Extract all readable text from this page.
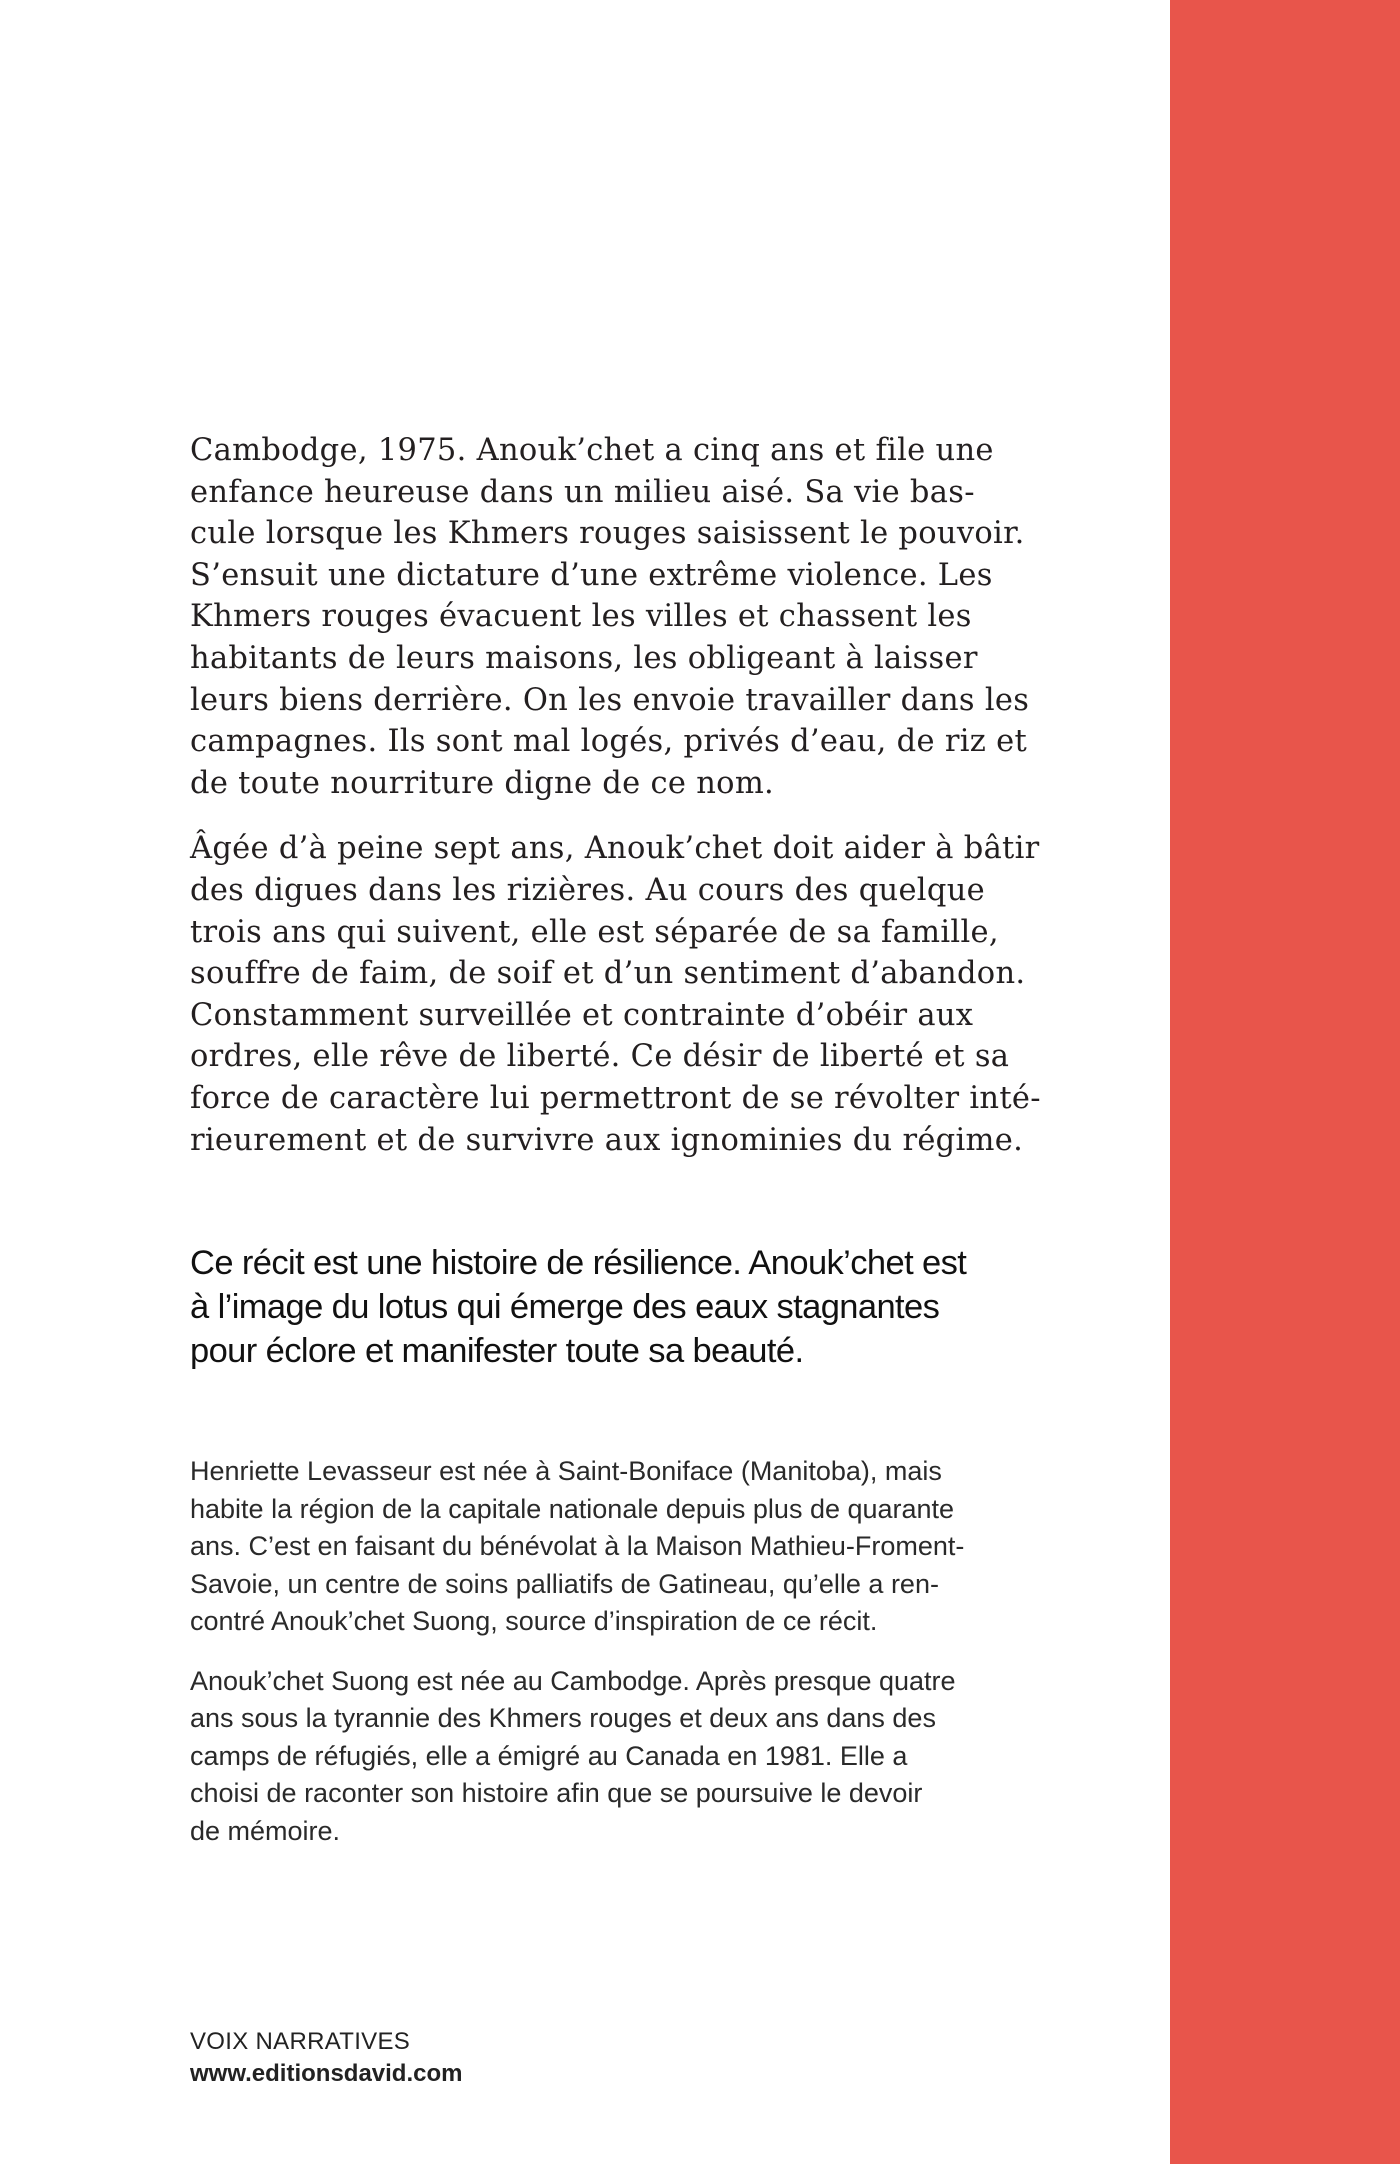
Cambodge, 1975. Anouk’chet a cinq ans et file une
enfance heureuse dans un milieu aisé. Sa vie bas-
cule lorsque les Khmers rouges saisissent le pouvoir.
S’ensuit une dictature d’une extrême violence. Les
Khmers rouges évacuent les villes et chassent les
habitants de leurs maisons, les obligeant à laisser
leurs biens derrière. On les envoie travailler dans les
campagnes. Ils sont mal logés, privés d’eau, de riz et
de toute nourriture digne de ce nom.

Âgée d’à peine sept ans, Anouk’chet doit aider à bâtir
des digues dans les rizières. Au cours des quelque
trois ans qui suivent, elle est séparée de sa famille,
souffre de faim, de soif et d’un sentiment d’abandon.
Constamment surveillée et contrainte d’obéir aux
ordres, elle rêve de liberté. Ce désir de liberté et sa
force de caractère lui permettront de se révolter inté-
rieurement et de survivre aux ignominies du régime.

Ce récit est une histoire de résilience. Anouk’chet est
à l’image du lotus qui émerge des eaux stagnantes
pour éclore et manifester toute sa beauté.
Henriette Levasseur est née à Saint-Boniface (Manitoba), mais
habite la région de la capitale nationale depuis plus de quarante
ans. C’est en faisant du bénévolat à la Maison Mathieu-Froment-
Savoie, un centre de soins palliatifs de Gatineau, qu’elle a ren-
contré Anouk’chet Suong, source d’inspiration de ce récit.
Anouk’chet Suong est née au Cambodge. Après presque quatre
ans sous la tyrannie des Khmers rouges et deux ans dans des
camps de réfugiés, elle a émigré au Canada en 1981. Elle a
choisi de raconter son histoire afin que se poursuive le devoir
de mémoire.
VOIX NARRATIVES
www.editionsdavid.com
